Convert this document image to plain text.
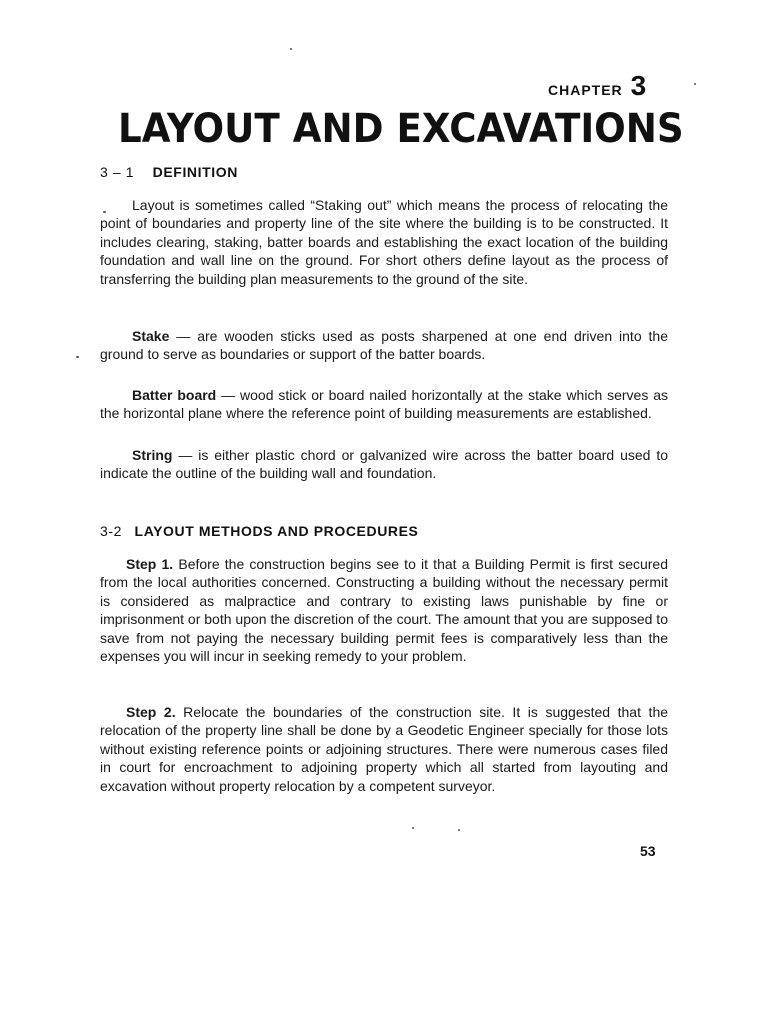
CHAPTER 3
LAYOUT AND EXCAVATIONS
3 – 1 DEFINITION

Layout is sometimes called “Staking out” which means the process of relocating the point of boundaries and property line of the site where the building is to be constructed. It includes clearing, staking, batter boards and establishing the exact location of the building foundation and wall line on the ground. For short others define layout as the process of transferring the building plan measurements to the ground of the site.

Stake — are wooden sticks used as posts sharpened at one end driven into the ground to serve as boundaries or support of the batter boards.

Batter board — wood stick or board nailed horizontally at the stake which serves as the horizontal plane where the reference point of building measurements are established.

String — is either plastic chord or galvanized wire across the batter board used to indicate the outline of the building wall and foundation.

3-2 LAYOUT METHODS AND PROCEDURES

Step 1. Before the construction begins see to it that a Building Permit is first secured from the local authorities concerned. Constructing a building without the necessary permit is considered as malpractice and contrary to existing laws punishable by fine or imprisonment or both upon the discretion of the court. The amount that you are supposed to save from not paying the necessary building permit fees is comparatively less than the expenses you will incur in seeking remedy to your problem.

Step 2. Relocate the boundaries of the construction site. It is suggested that the relocation of the property line shall be done by a Geodetic Engineer specially for those lots without existing reference points or adjoining structures. There were numerous cases filed in court for encroachment to adjoining property which all started from layouting and excavation without property relocation by a competent surveyor.

53
